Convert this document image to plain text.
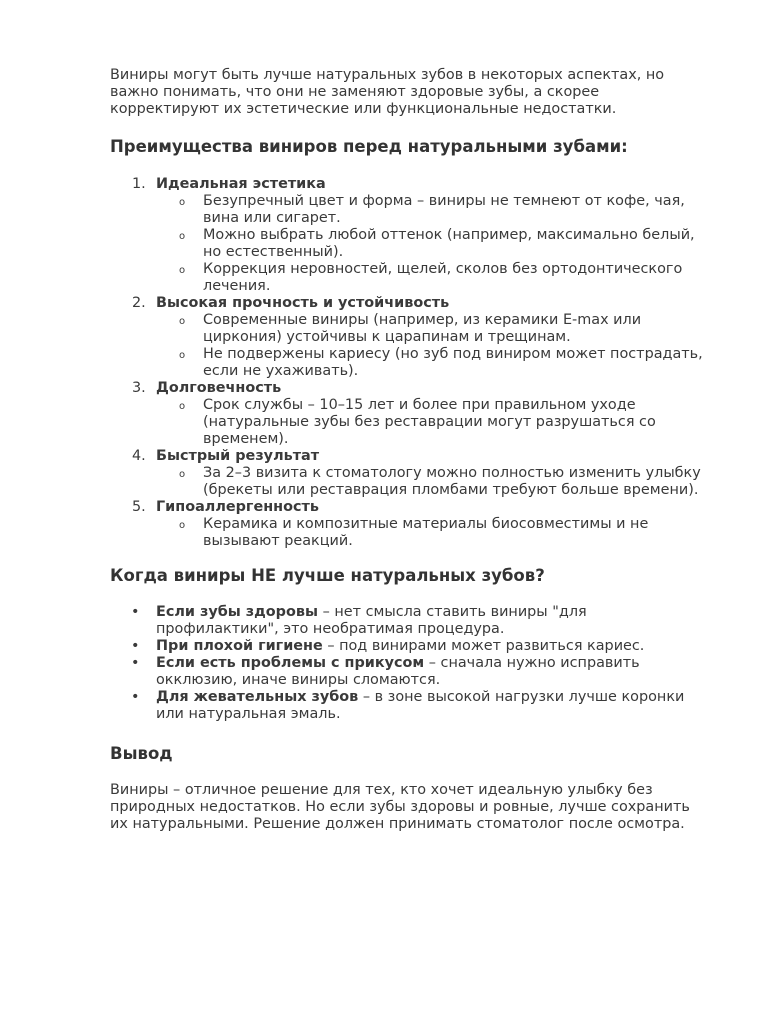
Виниры могут быть лучше натуральных зубов в некоторых аспектах, но важно понимать, что они не заменяют здоровые зубы, а скорее корректируют их эстетические или функциональные недостатки.

Преимущества виниров перед натуральными зубами:
1. Идеальная эстетика
o Безупречный цвет и форма – виниры не темнеют от кофе, чая, вина или сигарет.
o Можно выбрать любой оттенок (например, максимально белый, но естественный).
o Коррекция неровностей, щелей, сколов без ортодонтического лечения.
2. Высокая прочность и устойчивость
o Современные виниры (например, из керамики E-max или циркония) устойчивы к царапинам и трещинам.
o Не подвержены кариесу (но зуб под виниром может пострадать, если не ухаживать).
3. Долговечность
o Срок службы – 10–15 лет и более при правильном уходе (натуральные зубы без реставрации могут разрушаться со временем).
4. Быстрый результат
o За 2–3 визита к стоматологу можно полностью изменить улыбку (брекеты или реставрация пломбами требуют больше времени).
5. Гипоаллергенность
o Керамика и композитные материалы биосовместимы и не вызывают реакций.
Когда виниры НЕ лучше натуральных зубов?
• Если зубы здоровы – нет смысла ставить виниры "для профилактики", это необратимая процедура.
• При плохой гигиене – под винирами может развиться кариес.
• Если есть проблемы с прикусом – сначала нужно исправить окклюзию, иначе виниры сломаются.
• Для жевательных зубов – в зоне высокой нагрузки лучше коронки или натуральная эмаль.
Вывод

Виниры – отличное решение для тех, кто хочет идеальную улыбку без природных недостатков. Но если зубы здоровы и ровные, лучше сохранить их натуральными. Решение должен принимать стоматолог после осмотра.
